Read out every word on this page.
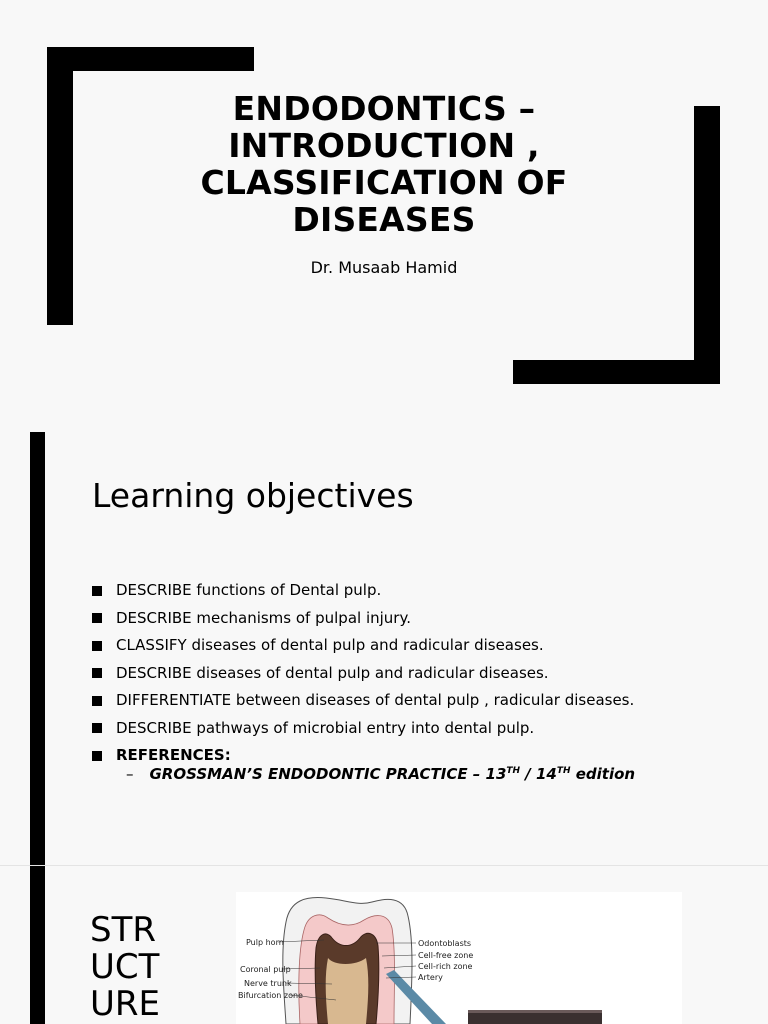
ENDODONTICS – INTRODUCTION , CLASSIFICATION OF DISEASES
Dr. Musaab Hamid
Learning objectives
DESCRIBE functions of Dental pulp.
DESCRIBE mechanisms of pulpal injury.
CLASSIFY diseases of dental pulp and radicular diseases.
DESCRIBE diseases of dental pulp and radicular diseases.
DIFFERENTIATE between diseases of dental pulp , radicular diseases.
DESCRIBE pathways of microbial entry into dental pulp.
REFERENCES:
– GROSSMAN’S ENDODONTIC PRACTICE – 13TH / 14TH edition
STRUCTURE
Pulp horn
Coronal pulp
Nerve trunk
Bifurcation zone
Odontoblasts
Cell-free zone
Cell-rich zone
Artery
